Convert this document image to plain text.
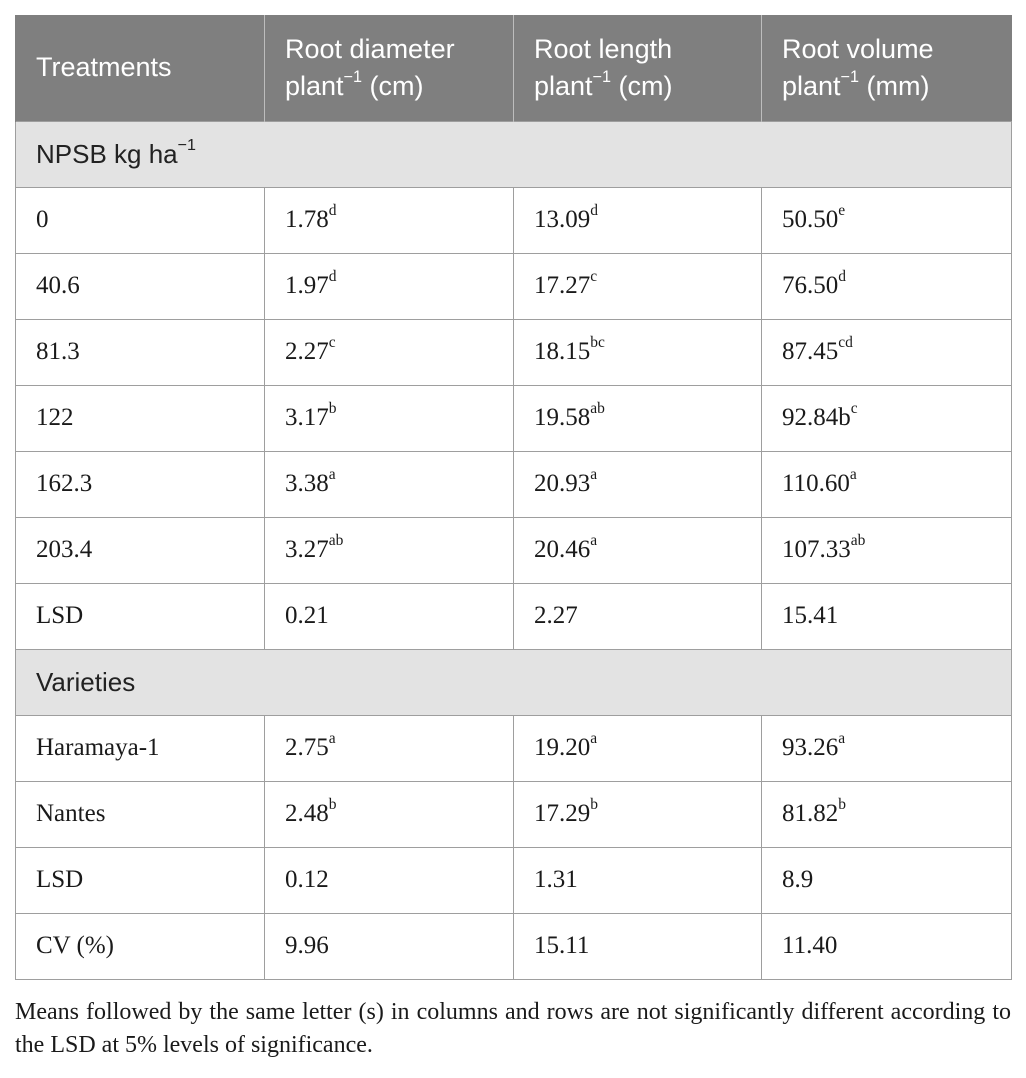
Treatments	Root diameter plant$^{-1}$ (cm)	Root length plant$^{-1}$ (cm)	Root volume plant$^{-1}$ (mm)
NPSB kg $ha^{-1}$
0	1.78$^d$	13.09$^d$	50.50e
40.6	1.97$^d$	17.27$^c$	76.50$^d$
81.3	2.27$^c$	18.15$^{bc}$	87.45$^{cd}$
122	3.17$^b$	19.58$^{ab}$	$92.84b^c$
162.3	3.38$^a$	20.93$^a$	110.60$^a$
203.4	3.27$^{ab}$	20.46$^a$	107.33$^{ab}$
LSD	0.21	2.27	15.41
Varieties			
Haramaya-1	2.75$^a$	19.20$^a$	93.26$^a$
Nantes	2.48$^b$	17.29$^b$	81.82$^b$
LSD	0.12	1.31	8.9
CV (%)	9.96	15.11	11.40

Means followed by the same letter (s) in columns and rows are not significantly different according to the LSD at 5% levels of significance.
